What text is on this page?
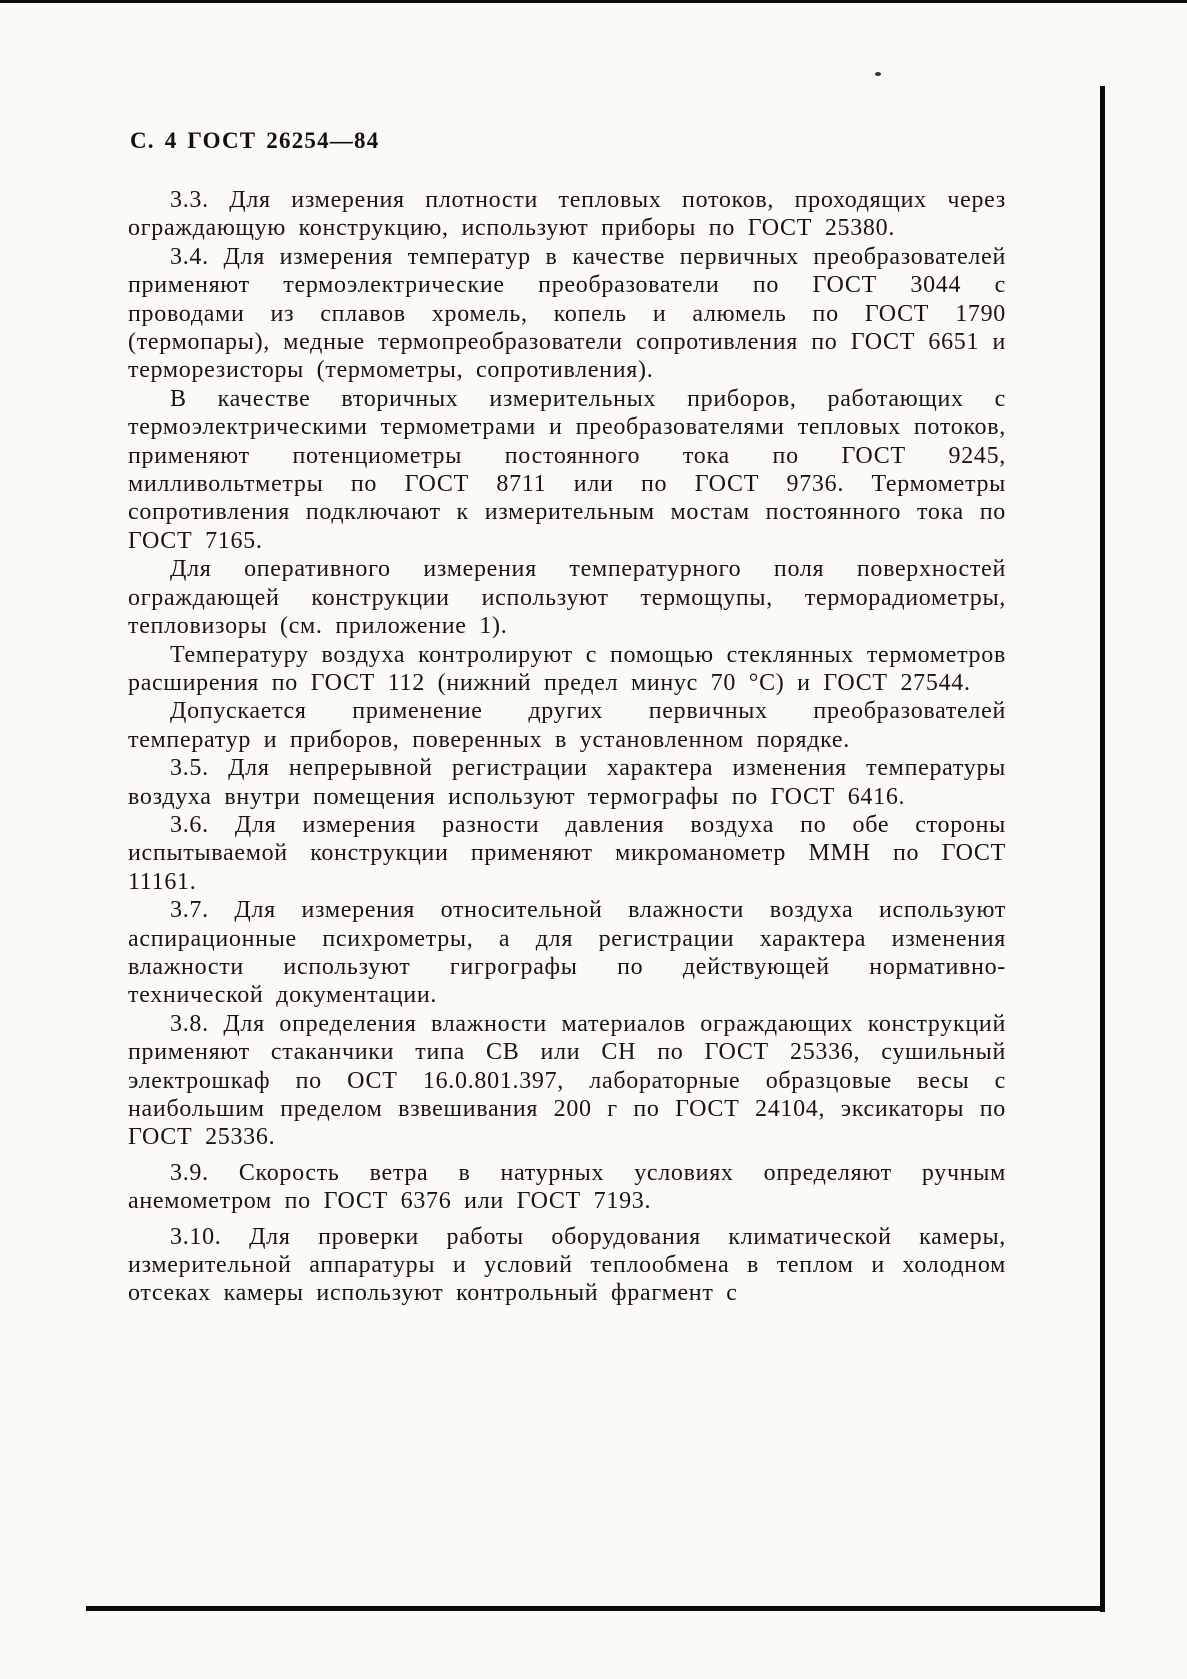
С. 4 ГОСТ 26254—84

3.3. Для измерения плотности тепловых потоков, проходящих через ограждающую конструкцию, используют приборы по ГОСТ 25380.

3.4. Для измерения температур в качестве первичных преобразователей применяют термоэлектрические преобразователи по ГОСТ 3044 с проводами из сплавов хромель, копель и алюмель по ГОСТ 1790 (термопары), медные термопреобразователи сопротивления по ГОСТ 6651 и терморезисторы (термометры, сопротивления).

В качестве вторичных измерительных приборов, работающих с термоэлектрическими термометрами и преобразователями тепловых потоков, применяют потенциометры постоянного тока по ГОСТ 9245, милливольтметры по ГОСТ 8711 или по ГОСТ 9736. Термометры сопротивления подключают к измерительным мостам постоянного тока по ГОСТ 7165.

Для оперативного измерения температурного поля поверхностей ограждающей конструкции используют термощупы, терморадиометры, тепловизоры (см. приложение 1).

Температуру воздуха контролируют с помощью стеклянных термометров расширения по ГОСТ 112 (нижний предел минус 70 °С) и ГОСТ 27544.

Допускается применение других первичных преобразователей температур и приборов, поверенных в установленном порядке.

3.5. Для непрерывной регистрации характера изменения температуры воздуха внутри помещения используют термографы по ГОСТ 6416.

3.6. Для измерения разности давления воздуха по обе стороны испытываемой конструкции применяют микроманометр ММН по ГОСТ 11161.

3.7. Для измерения относительной влажности воздуха используют аспирационные психрометры, а для регистрации характера изменения влажности используют гигрографы по действующей нормативно-технической документации.

3.8. Для определения влажности материалов ограждающих конструкций применяют стаканчики типа СВ или СН по ГОСТ 25336, сушильный электрошкаф по ОСТ 16.0.801.397, лабораторные образцовые весы с наибольшим пределом взвешивания 200 г по ГОСТ 24104, эксикаторы по ГОСТ 25336.

3.9. Скорость ветра в натурных условиях определяют ручным анемометром по ГОСТ 6376 или ГОСТ 7193.

3.10. Для проверки работы оборудования климатической камеры, измерительной аппаратуры и условий теплообмена в теплом и холодном отсеках камеры используют контрольный фрагмент с
